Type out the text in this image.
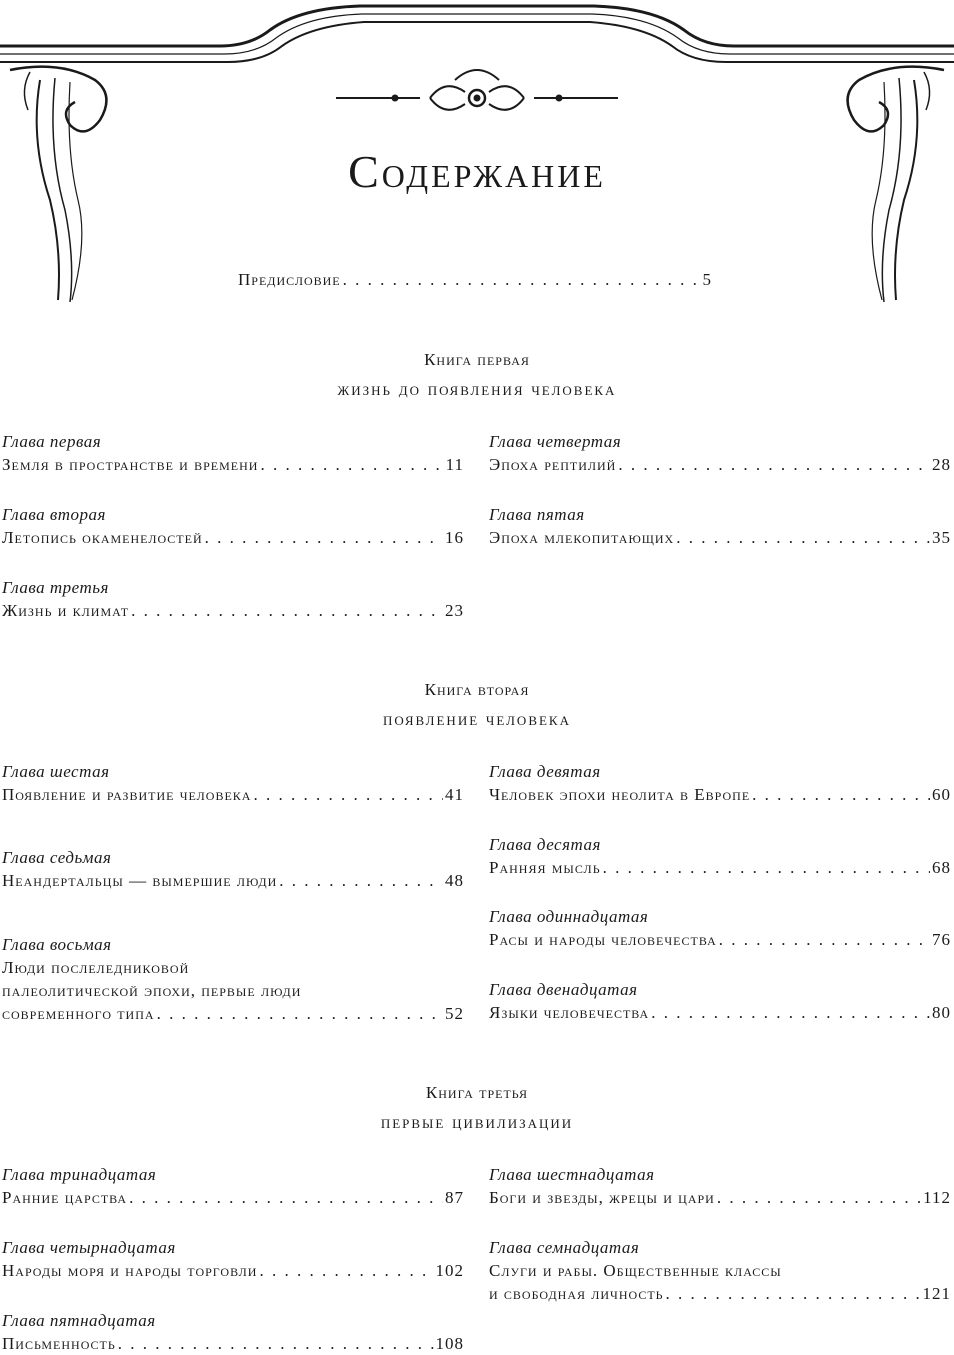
Содержание
Предисловие . . .	5
Книга первая
жизнь до появления человека
Глава первая
Земля в пространстве и времени . . .	11
Глава вторая
Летопись окаменелостей . . .	16
Глава третья
Жизнь и климат . . .	23
Глава четвертая
Эпоха рептилий . . .	28
Глава пятая
Эпоха млекопитающих . . .	35
Книга вторая
появление человека
Глава шестая
Появление и развитие человека . . .	41
Глава седьмая
Неандертальцы — вымершие люди . . .	48
Глава восьмая
Люди послеледниковой
палеолитической эпохи, первые люди
современного типа . . .	52
Глава девятая
Человек эпохи неолита в Европе . . .	60
Глава десятая
Ранняя мысль . . .	68
Глава одиннадцатая
Расы и народы человечества . . .	76
Глава двенадцатая
Языки человечества . . .	80
Книга третья
первые цивилизации
Глава тринадцатая
Ранние царства . . .	87
Глава четырнадцатая
Народы моря и народы торговли . . .	102
Глава пятнадцатая
Письменность . . .	108
Глава шестнадцатая
Боги и звезды, жрецы и цари . . .	112
Глава семнадцатая
Слуги и рабы. Общественные классы
и свободная личность . . .	121
